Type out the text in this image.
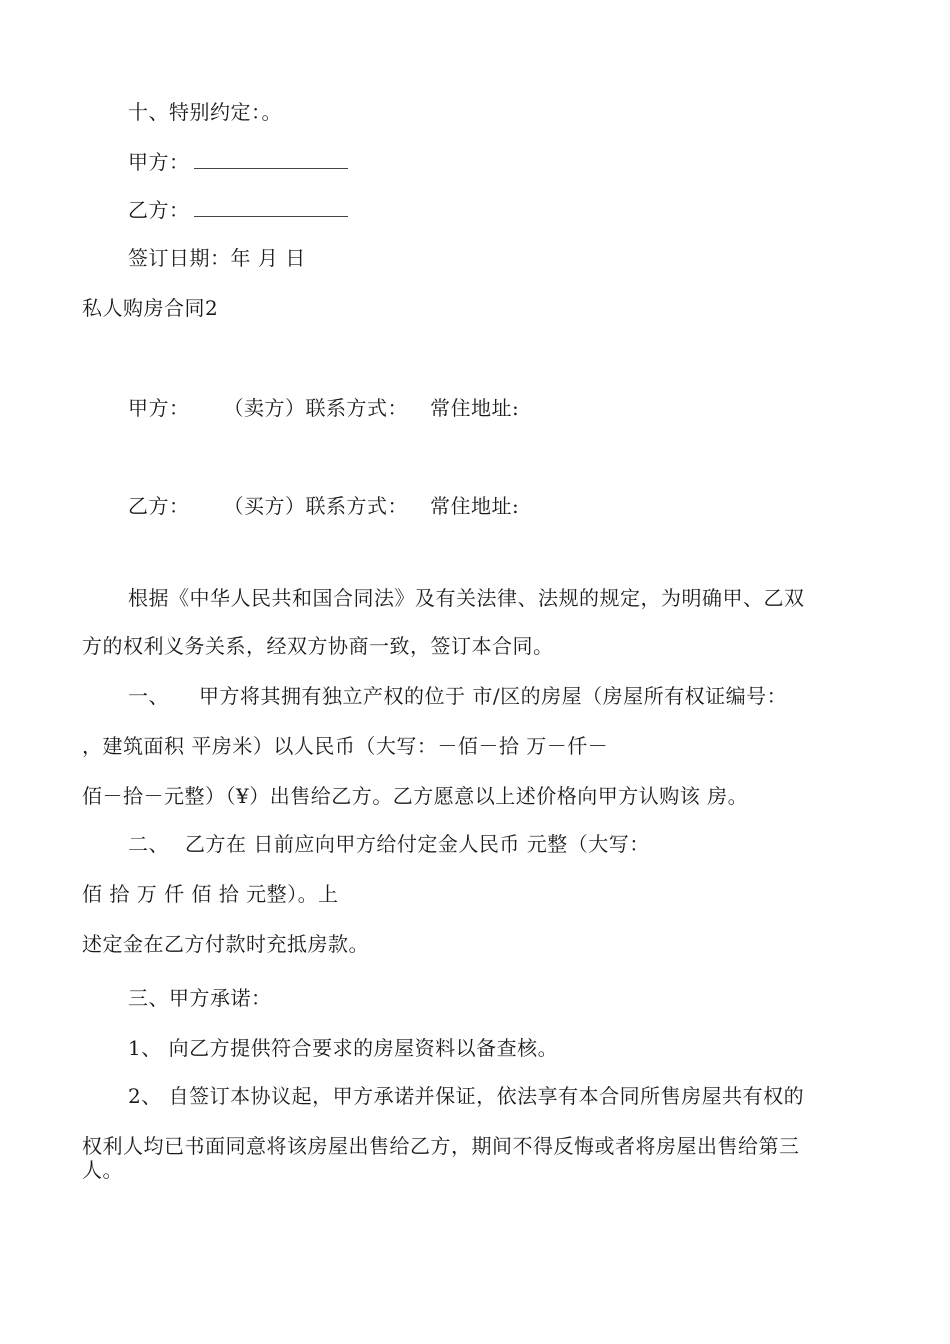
十、特别约定：。
甲方：
乙方：
签订日期：年 月 日
私人购房合同2
甲方： （卖方）联系方式： 常住地址:
乙方： （买方）联系方式： 常住地址:
根据《中华人民共和国合同法》及有关法律、法规的规定，为明确甲、乙双
方的权利义务关系，经双方协商一致，签订本合同。
一、 甲方将其拥有独立产权的位于 市/区的房屋（房屋所有权证编号：
，建筑面积 平房米）以人民币（大写：－佰－拾 万－仟－
佰－拾－元整）（¥）出售给乙方。乙方愿意以上述价格向甲方认购该 房。
二、 乙方在 日前应向甲方给付定金人民币 元整（大写：
佰 拾 万 仟 佰 拾 元整）。上
述定金在乙方付款时充抵房款。
三、甲方承诺：
1、 向乙方提供符合要求的房屋资料以备查核。
2、 自签订本协议起，甲方承诺并保证，依法享有本合同所售房屋共有权的
权利人均已书面同意将该房屋出售给乙方，期间不得反悔或者将房屋出售给第三
人。
